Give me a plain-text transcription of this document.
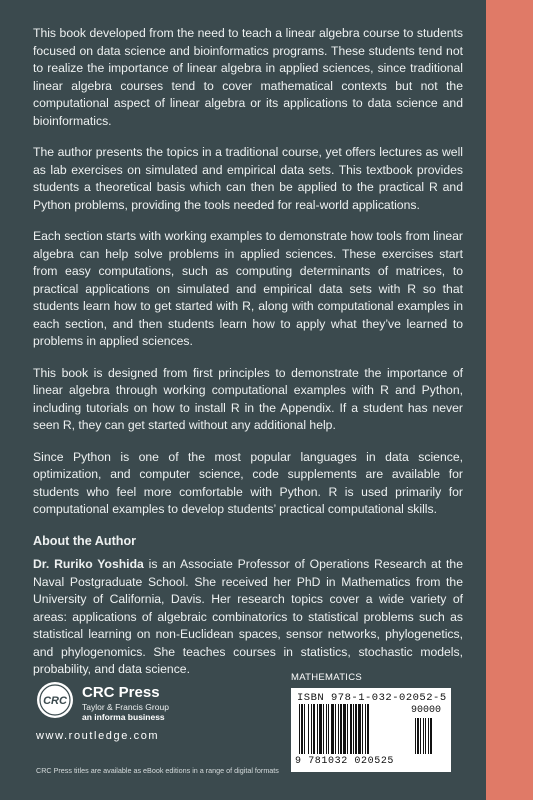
This book developed from the need to teach a linear algebra course to students focused on data science and bioinformatics programs. These students tend not to realize the importance of linear algebra in applied sciences, since traditional linear algebra courses tend to cover mathematical contexts but not the computational aspect of linear algebra or its applications to data science and bioinformatics.

The author presents the topics in a traditional course, yet offers lectures as well as lab exercises on simulated and empirical data sets. This textbook provides students a theoretical basis which can then be applied to the practical R and Python problems, providing the tools needed for real-world applications.

Each section starts with working examples to demonstrate how tools from linear algebra can help solve problems in applied sciences. These exercises start from easy computations, such as computing determinants of matrices, to practical applications on simulated and empirical data sets with R so that students learn how to get started with R, along with computational examples in each section, and then students learn how to apply what they’ve learned to problems in applied sciences.

This book is designed from first principles to demonstrate the importance of linear algebra through working computational examples with R and Python, including tutorials on how to install R in the Appendix. If a student has never seen R, they can get started without any additional help.

Since Python is one of the most popular languages in data science, optimization, and computer science, code supplements are available for students who feel more comfortable with Python. R is used primarily for computational examples to develop students’ practical computational skills.

About the Author

Dr. Ruriko Yoshida is an Associate Professor of Operations Research at the Naval Postgraduate School. She received her PhD in Mathematics from the University of California, Davis. Her research topics cover a wide variety of areas: applications of algebraic combinatorics to statistical problems such as statistical learning on non-Euclidean spaces, sensor networks, phylogenetics, and phylogenomics. She teaches courses in statistics, stochastic models, probability, and data science.

CRC CRC Press
Taylor & Francis Group
an informa business
www.routledge.com
CRC Press titles are available as eBook editions in a range of digital formats
MATHEMATICS
ISBN 978-1-032-02052-5
90000
9 781032 020525
